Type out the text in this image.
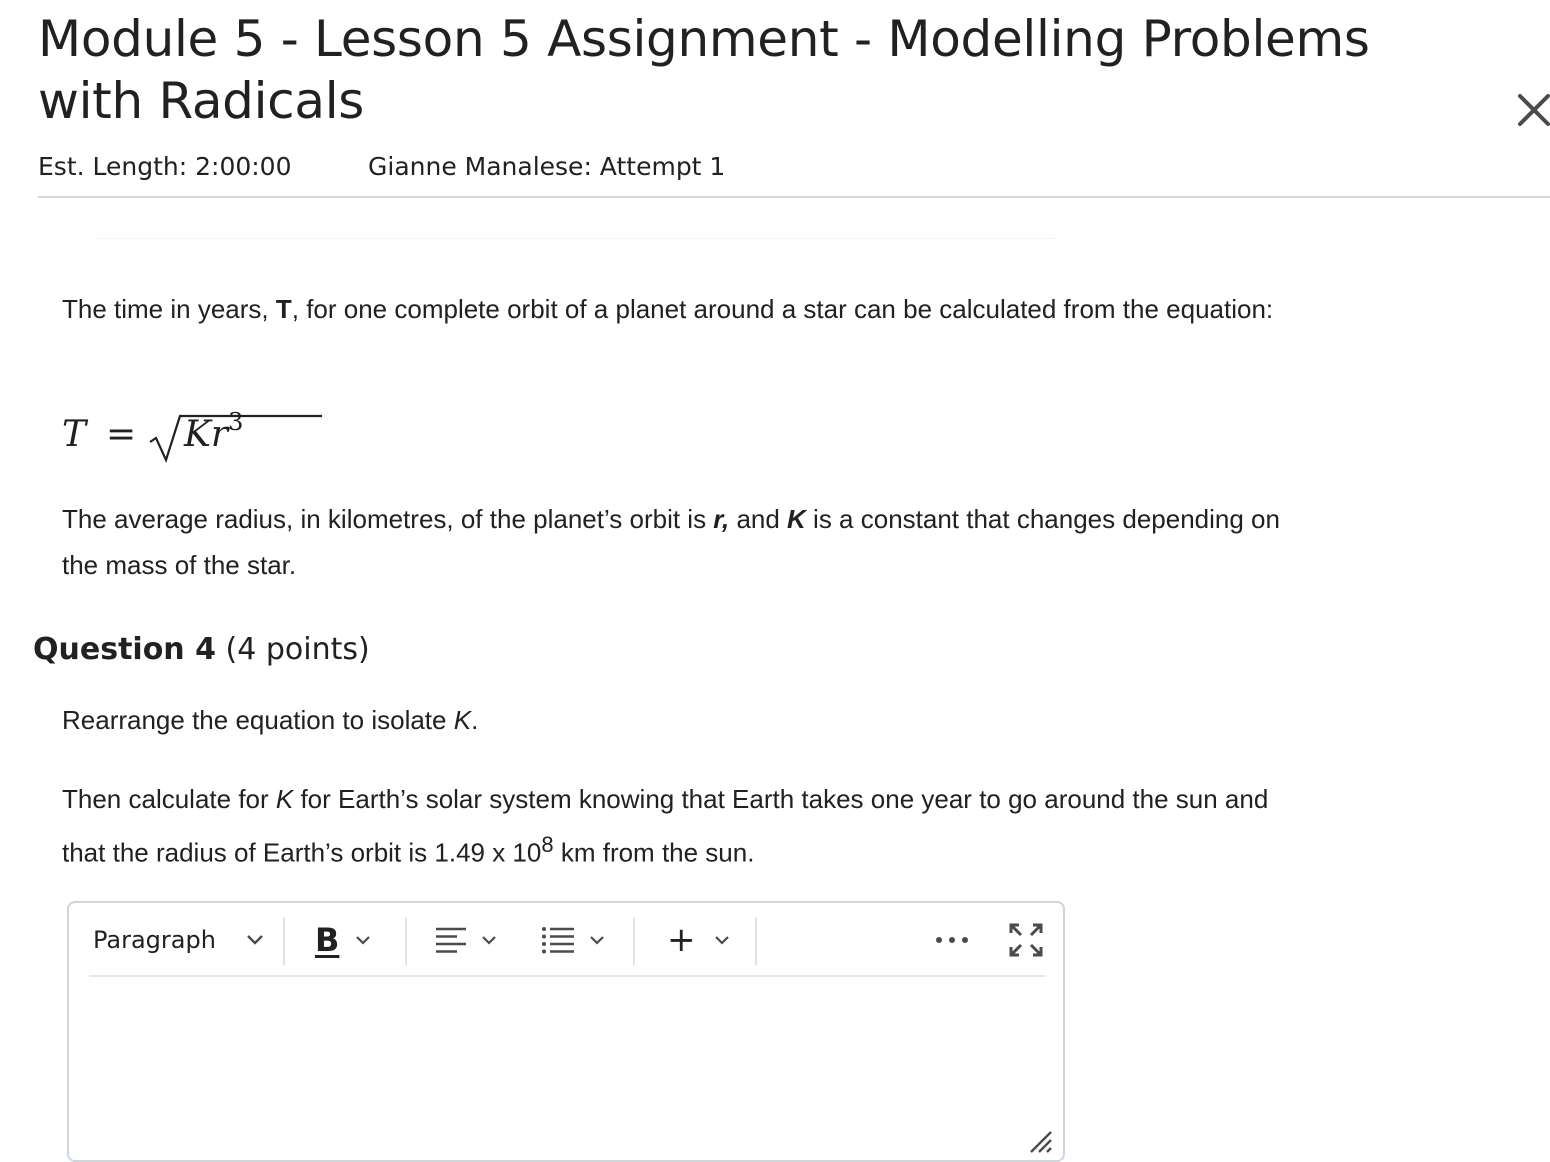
Module 5 - Lesson 5 Assignment - Modelling Problems with Radicals
Est. Length: 2:00:00	Gianne Manalese: Attempt 1

The time in years, T, for one complete orbit of a planet around a star can be calculated from the equation:

$T = Kr^3$

The average radius, in kilometres, of the planet’s orbit is r, and K is a constant that changes depending on the mass of the star.

Question 4 (4 points)

Rearrange the equation to isolate K.

Then calculate for K for Earth’s solar system knowing that Earth takes one year to go around the sun and that the radius of Earth’s orbit is 1.49 x $10^8$ km from the sun.

Paragraph	B	+
